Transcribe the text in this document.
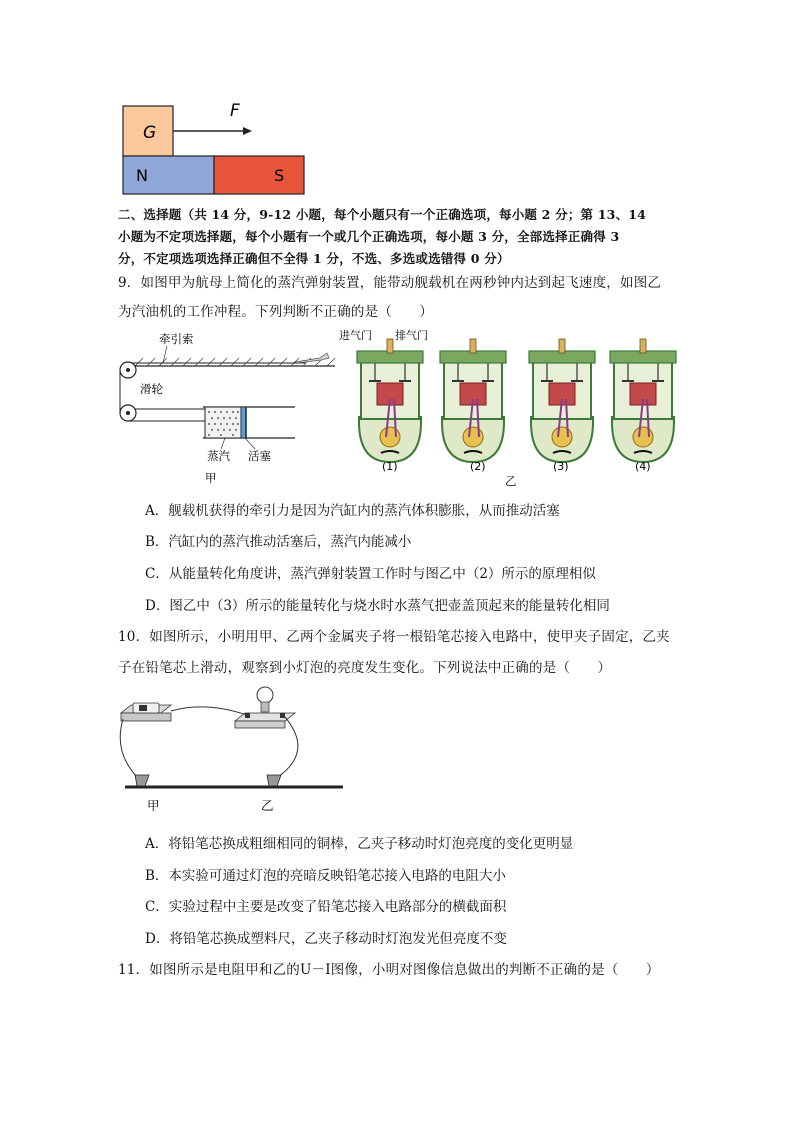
G
F
N	S
二、选择题（共 14 分，9-12 小题，每个小题只有一个正确选项，每小题 2 分；第 13、14
小题为不定项选择题，每个小题有一个或几个正确选项，每小题 3 分，全部选择正确得 3
分，不定项选项选择正确但不全得 1 分，不选、多选或选错得 0 分）
9．如图甲为航母上简化的蒸汽弹射装置，能带动舰载机在两秒钟内达到起飞速度，如图乙
为汽油机的工作冲程。下列判断不正确的是（　　）
牵引索
滑轮
蒸汽 活塞
甲
进气门 排气门
(1)	(2)	(3)	(4)
乙
A．舰载机获得的牵引力是因为汽缸内的蒸汽体积膨胀，从而推动活塞
B．汽缸内的蒸汽推动活塞后，蒸汽内能减小
C．从能量转化角度讲，蒸汽弹射装置工作时与图乙中（2）所示的原理相似
D．图乙中（3）所示的能量转化与烧水时水蒸气把壶盖顶起来的能量转化相同
10．如图所示，小明用甲、乙两个金属夹子将一根铅笔芯接入电路中，使甲夹子固定，乙夹
子在铅笔芯上滑动，观察到小灯泡的亮度发生变化。下列说法中正确的是（　　）
甲	乙
A．将铅笔芯换成粗细相同的铜棒，乙夹子移动时灯泡亮度的变化更明显
B．本实验可通过灯泡的亮暗反映铅笔芯接入电路的电阻大小
C．实验过程中主要是改变了铅笔芯接入电路部分的横截面积
D．将铅笔芯换成塑料尺，乙夹子移动时灯泡发光但亮度不变
11．如图所示是电阻甲和乙的U－I图像，小明对图像信息做出的判断不正确的是（　　）
